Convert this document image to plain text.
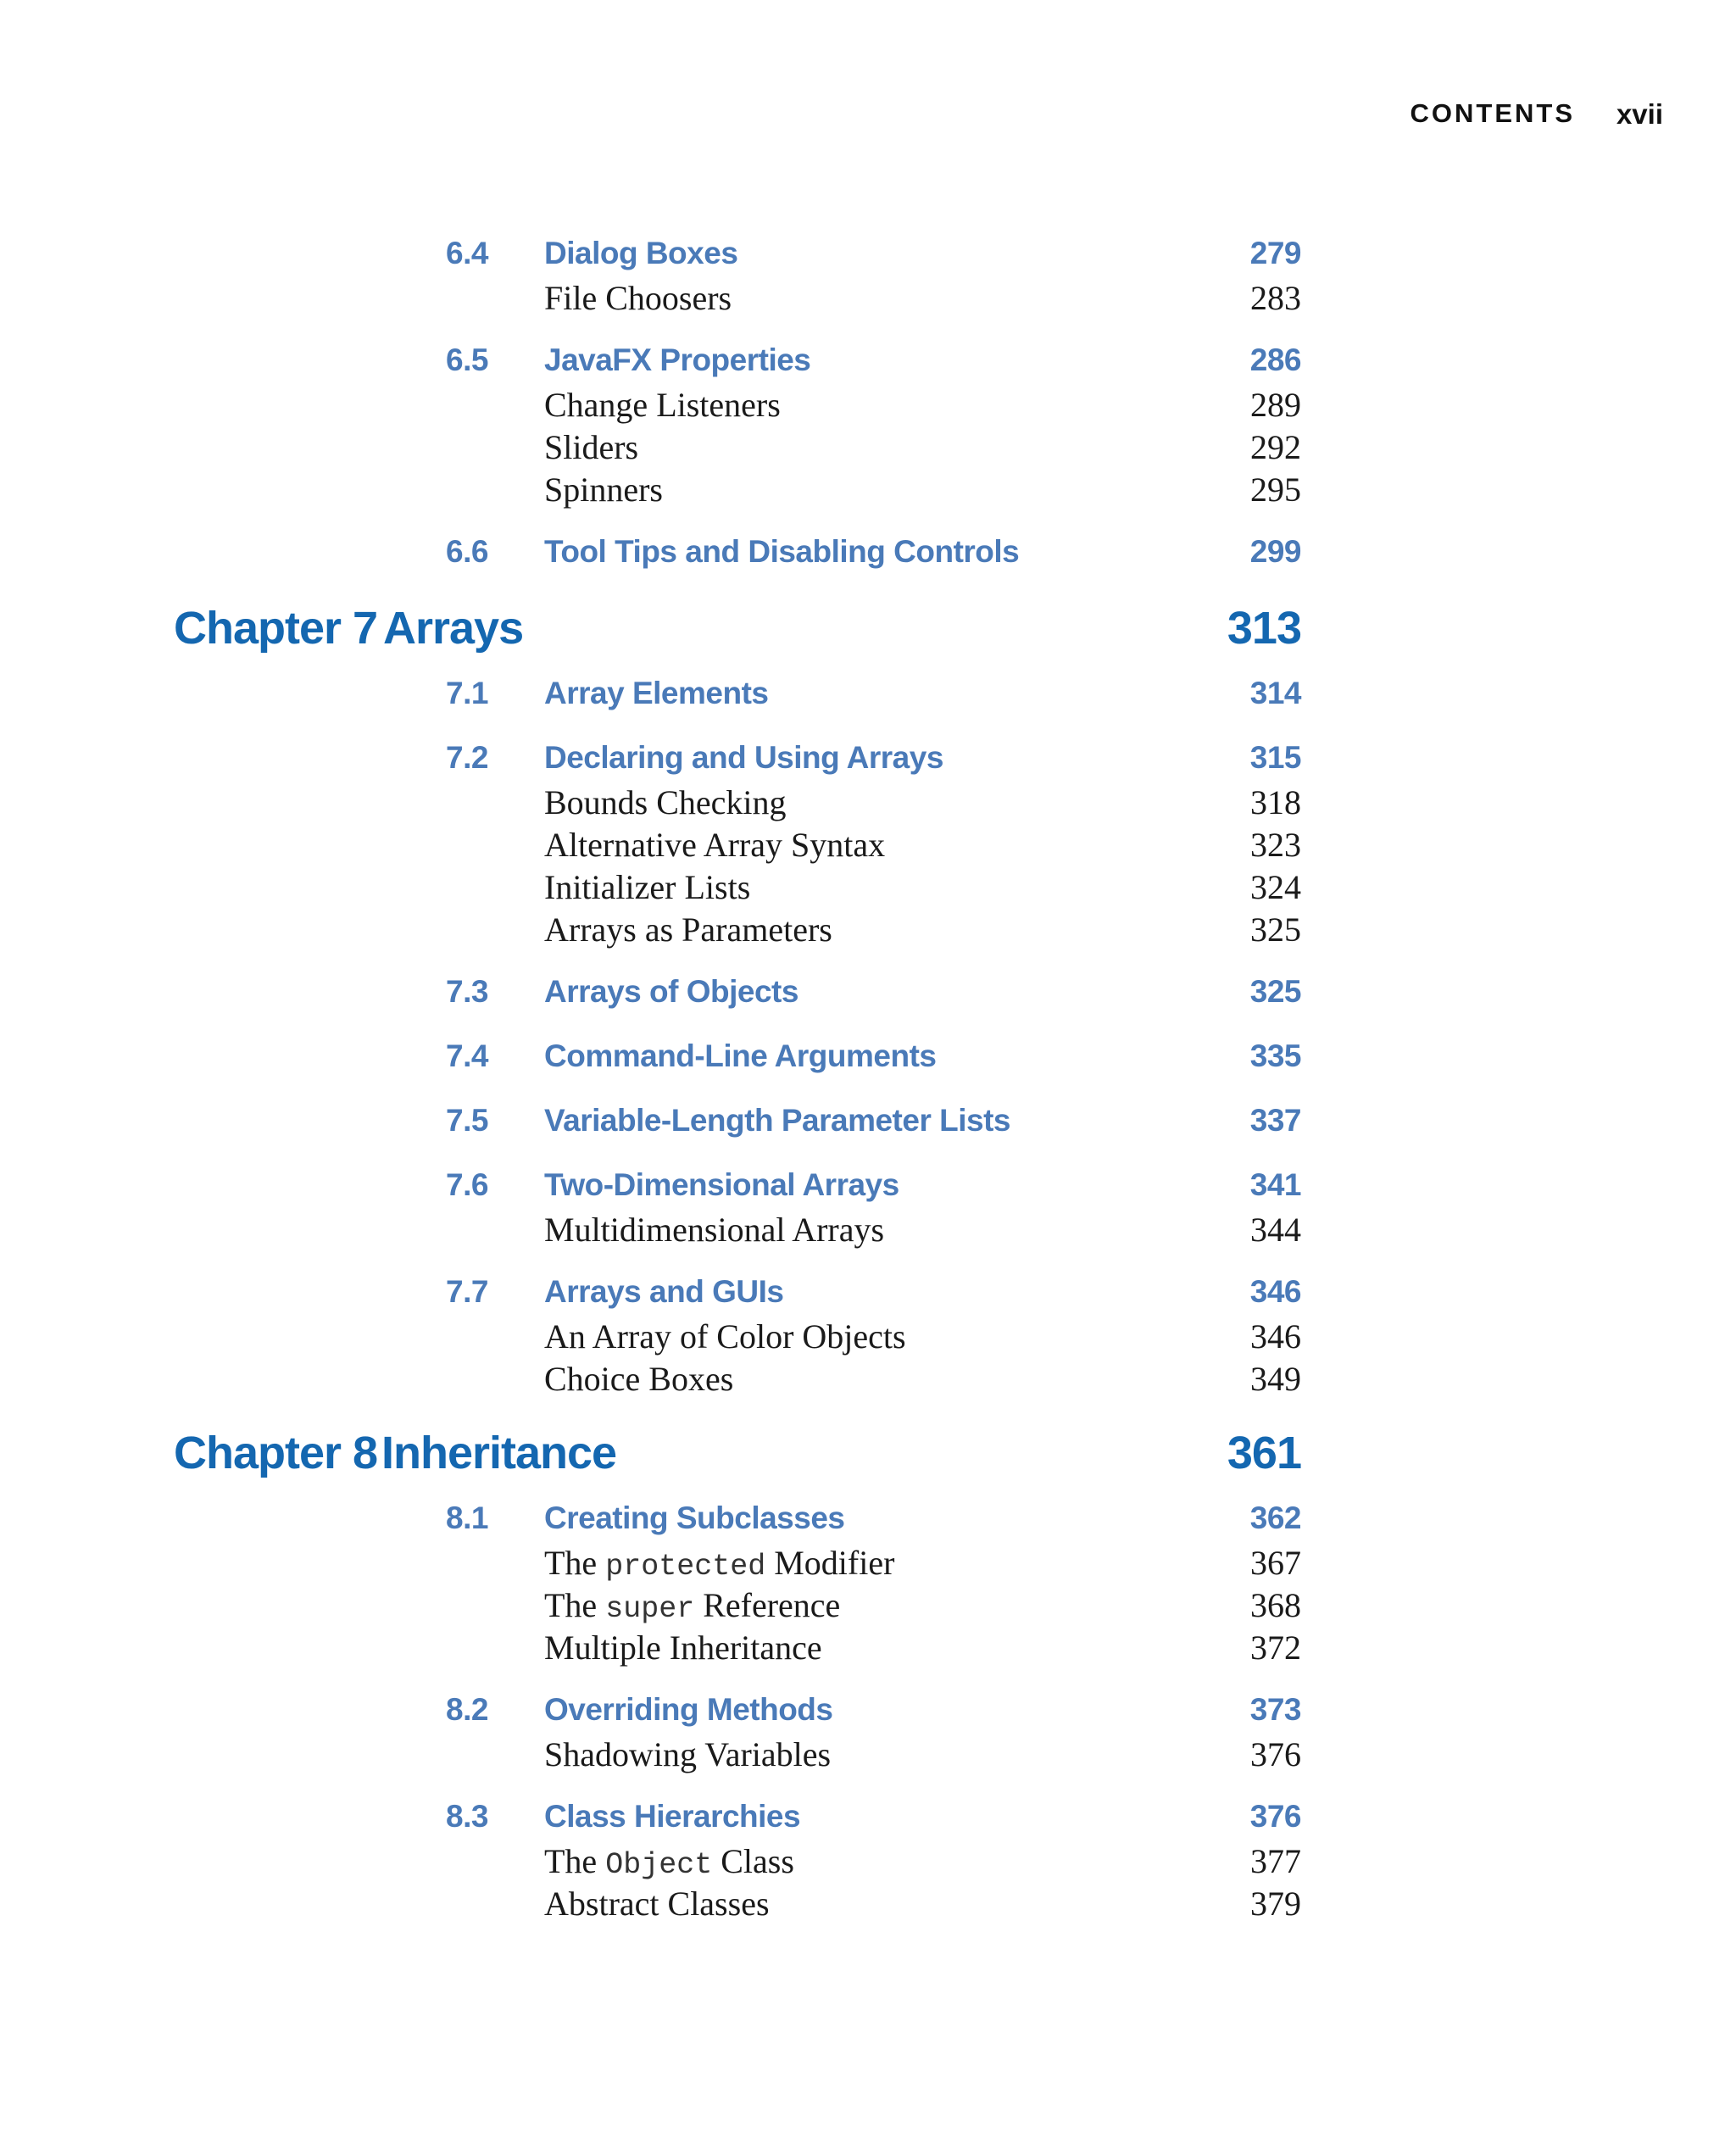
CONTENTS xvii
6.4 Dialog Boxes	279
File Choosers	283
6.5 JavaFX Properties	286
Change Listeners	289
Sliders	292
Spinners	295
6.6 Tool Tips and Disabling Controls	299
Chapter 7 Arrays	313
7.1 Array Elements	314
7.2 Declaring and Using Arrays	315
Bounds Checking	318
Alternative Array Syntax	323
Initializer Lists	324
Arrays as Parameters	325
7.3 Arrays of Objects	325
7.4 Command-Line Arguments	335
7.5 Variable-Length Parameter Lists	337
7.6 Two-Dimensional Arrays	341
Multidimensional Arrays	344
7.7 Arrays and GUIs	346
An Array of Color Objects	346
Choice Boxes	349
Chapter 8 Inheritance	361
8.1 Creating Subclasses	362
The protected Modifier	367
The super Reference	368
Multiple Inheritance	372
8.2 Overriding Methods	373
Shadowing Variables	376
8.3 Class Hierarchies	376
The Object Class	377
Abstract Classes	379
